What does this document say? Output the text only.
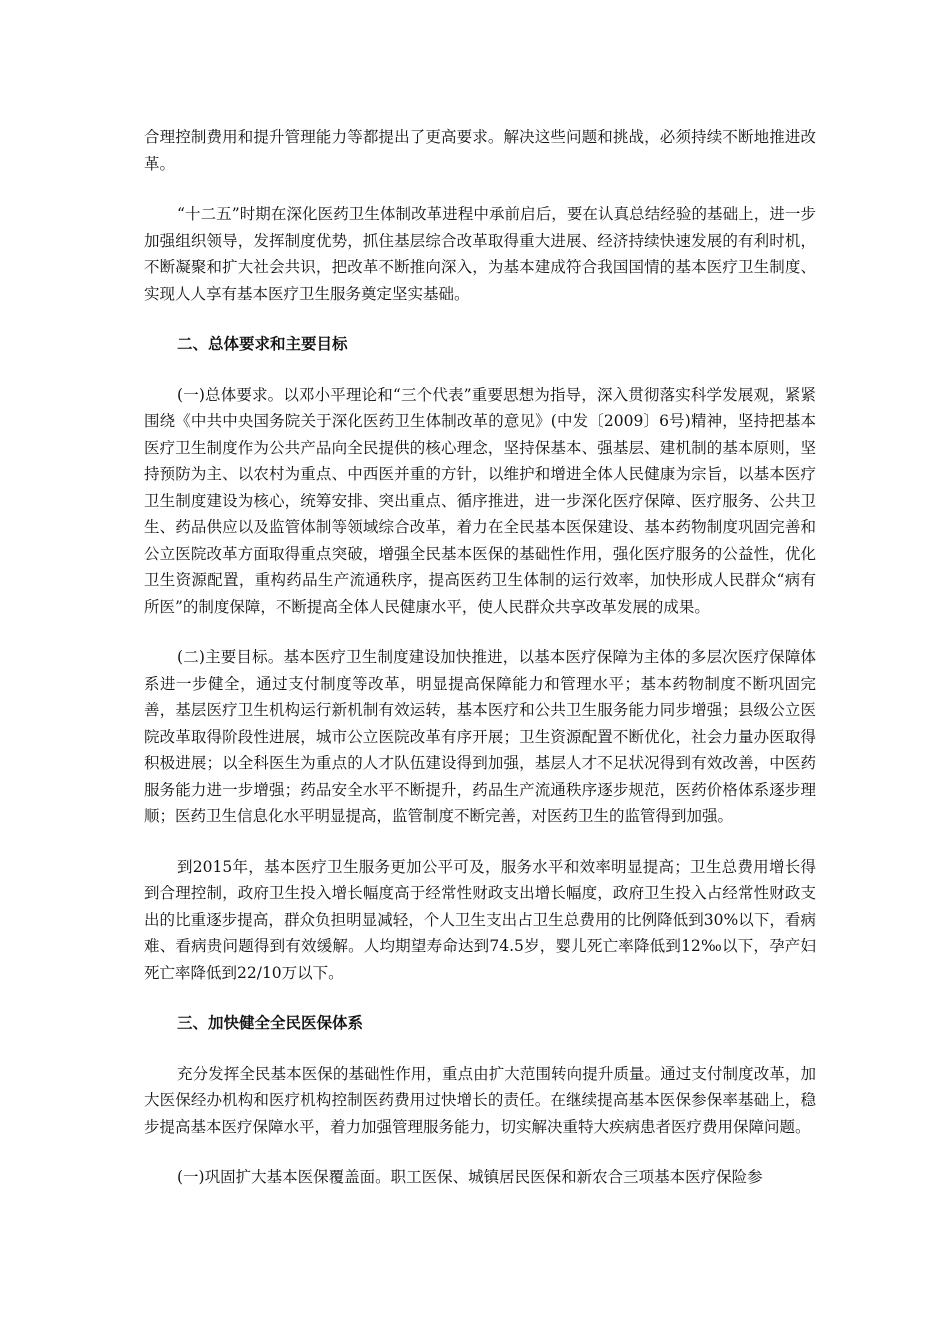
合理控制费用和提升管理能力等都提出了更高要求。解决这些问题和挑战，必须持续不断地推进改革。

“十二五”时期在深化医药卫生体制改革进程中承前启后，要在认真总结经验的基础上，进一步加强组织领导，发挥制度优势，抓住基层综合改革取得重大进展、经济持续快速发展的有利时机，不断凝聚和扩大社会共识，把改革不断推向深入，为基本建成符合我国国情的基本医疗卫生制度、实现人人享有基本医疗卫生服务奠定坚实基础。

二、总体要求和主要目标

(一)总体要求。以邓小平理论和“三个代表”重要思想为指导，深入贯彻落实科学发展观，紧紧围绕《中共中央国务院关于深化医药卫生体制改革的意见》(中发〔2009〕6号)精神，坚持把基本医疗卫生制度作为公共产品向全民提供的核心理念，坚持保基本、强基层、建机制的基本原则，坚持预防为主、以农村为重点、中西医并重的方针，以维护和增进全体人民健康为宗旨，以基本医疗卫生制度建设为核心，统筹安排、突出重点、循序推进，进一步深化医疗保障、医疗服务、公共卫生、药品供应以及监管体制等领域综合改革，着力在全民基本医保建设、基本药物制度巩固完善和公立医院改革方面取得重点突破，增强全民基本医保的基础性作用，强化医疗服务的公益性，优化卫生资源配置，重构药品生产流通秩序，提高医药卫生体制的运行效率，加快形成人民群众“病有所医”的制度保障，不断提高全体人民健康水平，使人民群众共享改革发展的成果。

(二)主要目标。基本医疗卫生制度建设加快推进，以基本医疗保障为主体的多层次医疗保障体系进一步健全，通过支付制度等改革，明显提高保障能力和管理水平；基本药物制度不断巩固完善，基层医疗卫生机构运行新机制有效运转，基本医疗和公共卫生服务能力同步增强；县级公立医院改革取得阶段性进展，城市公立医院改革有序开展；卫生资源配置不断优化，社会力量办医取得积极进展；以全科医生为重点的人才队伍建设得到加强，基层人才不足状况得到有效改善，中医药服务能力进一步增强；药品安全水平不断提升，药品生产流通秩序逐步规范，医药价格体系逐步理顺；医药卫生信息化水平明显提高，监管制度不断完善，对医药卫生的监管得到加强。

到2015年，基本医疗卫生服务更加公平可及，服务水平和效率明显提高；卫生总费用增长得到合理控制，政府卫生投入增长幅度高于经常性财政支出增长幅度，政府卫生投入占经常性财政支出的比重逐步提高，群众负担明显减轻，个人卫生支出占卫生总费用的比例降低到30%以下，看病难、看病贵问题得到有效缓解。人均期望寿命达到74.5岁，婴儿死亡率降低到12‰以下，孕产妇死亡率降低到22/10万以下。

三、加快健全全民医保体系

充分发挥全民基本医保的基础性作用，重点由扩大范围转向提升质量。通过支付制度改革，加大医保经办机构和医疗机构控制医药费用过快增长的责任。在继续提高基本医保参保率基础上，稳步提高基本医疗保障水平，着力加强管理服务能力，切实解决重特大疾病患者医疗费用保障问题。

(一)巩固扩大基本医保覆盖面。职工医保、城镇居民医保和新农合三项基本医疗保险参
